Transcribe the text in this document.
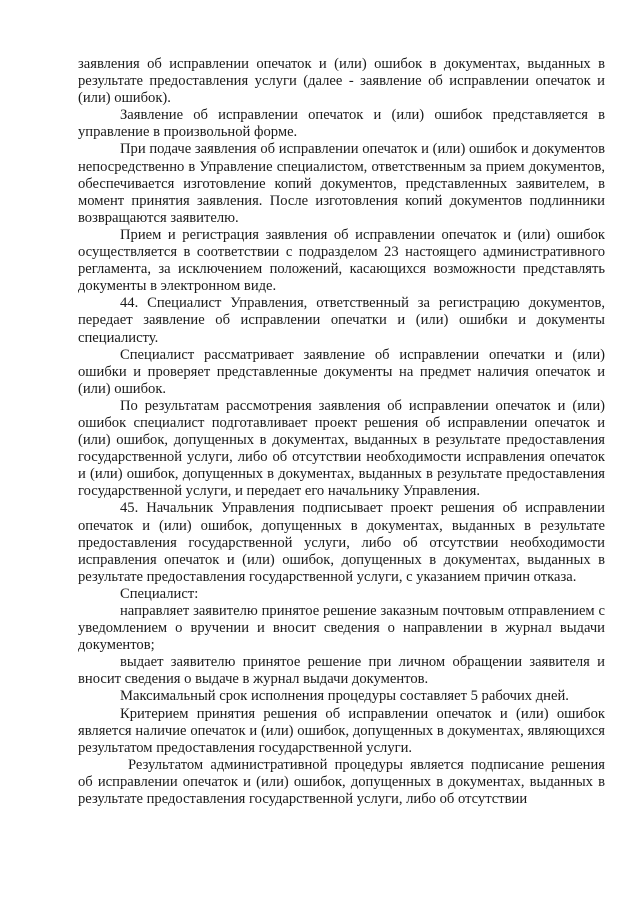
заявления об исправлении опечаток и (или) ошибок в документах, выданных в результате предоставления услуги (далее - заявление об исправлении опечаток и (или) ошибок).

Заявление об исправлении опечаток и (или) ошибок представляется в управление в произвольной форме.

При подаче заявления об исправлении опечаток и (или) ошибок и документов непосредственно в Управление специалистом, ответственным за прием документов, обеспечивается изготовление копий документов, представленных заявителем, в момент принятия заявления. После изготовления копий документов подлинники возвращаются заявителю.

Прием и регистрация заявления об исправлении опечаток и (или) ошибок осуществляется в соответствии с подразделом 23 настоящего административного регламента, за исключением положений, касающихся возможности представлять документы в электронном виде.

44. Специалист Управления, ответственный за регистрацию документов, передает заявление об исправлении опечатки и (или) ошибки и документы специалисту.

Специалист рассматривает заявление об исправлении опечатки и (или) ошибки и проверяет представленные документы на предмет наличия опечаток и (или) ошибок.

По результатам рассмотрения заявления об исправлении опечаток и (или) ошибок специалист подготавливает проект решения об исправлении опечаток и (или) ошибок, допущенных в документах, выданных в результате предоставления государственной услуги, либо об отсутствии необходимости исправления опечаток и (или) ошибок, допущенных в документах, выданных в результате предоставления государственной услуги, и передает его начальнику Управления.

45. Начальник Управления подписывает проект решения об исправлении опечаток и (или) ошибок, допущенных в документах, выданных в результате предоставления государственной услуги, либо об отсутствии необходимости исправления опечаток и (или) ошибок, допущенных в документах, выданных в результате предоставления государственной услуги, с указанием причин отказа.

Специалист:

направляет заявителю принятое решение заказным почтовым отправлением с уведомлением о вручении и вносит сведения о направлении в журнал выдачи документов;

выдает заявителю принятое решение при личном обращении заявителя и вносит сведения о выдаче в журнал выдачи документов.

Максимальный срок исполнения процедуры составляет 5 рабочих дней.

Критерием принятия решения об исправлении опечаток и (или) ошибок является наличие опечаток и (или) ошибок, допущенных в документах, являющихся результатом предоставления государственной услуги.

Результатом административной процедуры является подписание решения об исправлении опечаток и (или) ошибок, допущенных в документах, выданных в результате предоставления государственной услуги, либо об отсутствии
